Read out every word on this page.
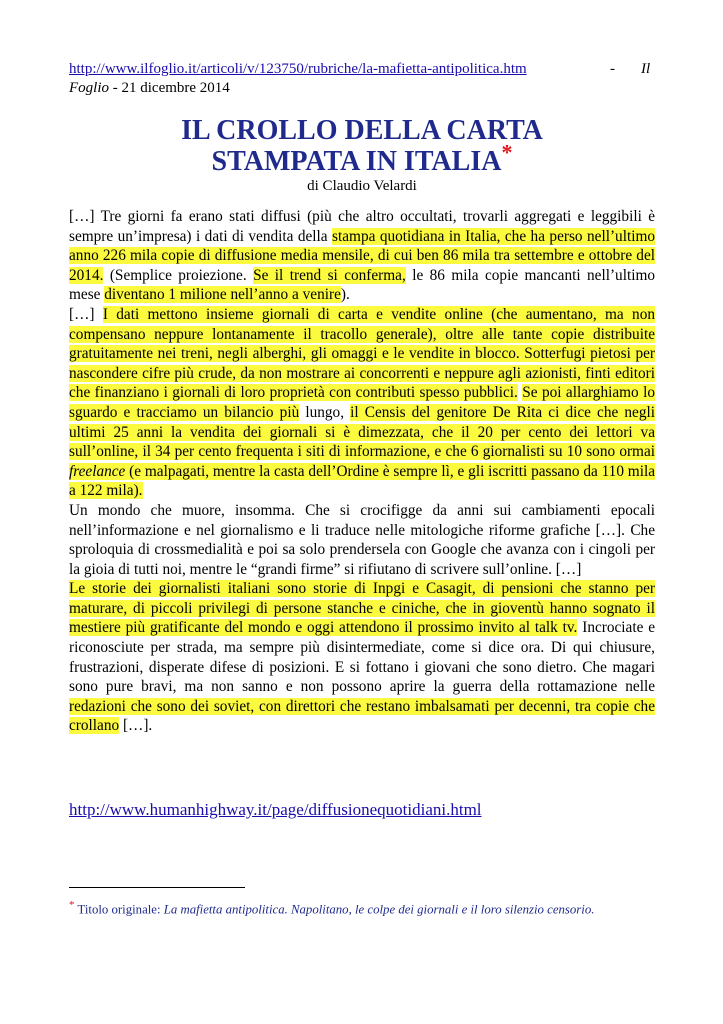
http://www.ilfoglio.it/articoli/v/123750/rubriche/la-mafietta-antipolitica.htm	- Il
Foglio - 21 dicembre 2014
IL CROLLO DELLA CARTA
STAMPATA IN ITALIA*
di Claudio Velardi

[…] Tre giorni fa erano stati diffusi (più che altro occultati, trovarli aggregati e leggibili è sempre un’impresa) i dati di vendita della stampa quotidiana in Italia, che ha perso nell’ultimo anno 226 mila copie di diffusione media mensile, di cui ben 86 mila tra settembre e ottobre del 2014. (Semplice proiezione. Se il trend si conferma, le 86 mila copie mancanti nell’ultimo mese diventano 1 milione nell’anno a venire).

[…] I dati mettono insieme giornali di carta e vendite online (che aumentano, ma non compensano neppure lontanamente il tracollo generale), oltre alle tante copie distribuite gratuitamente nei treni, negli alberghi, gli omaggi e le vendite in blocco. Sotterfugi pietosi per nascondere cifre più crude, da non mostrare ai concorrenti e neppure agli azionisti, finti editori che finanziano i giornali di loro proprietà con contributi spesso pubblici. Se poi allarghiamo lo sguardo e tracciamo un bilancio più lungo, il Censis del genitore De Rita ci dice che negli ultimi 25 anni la vendita dei giornali si è dimezzata, che il 20 per cento dei lettori va sull’online, il 34 per cento frequenta i siti di informazione, e che 6 giornalisti su 10 sono ormai freelance (e malpagati, mentre la casta dell’Ordine è sempre lì, e gli iscritti passano da 110 mila a 122 mila).

Un mondo che muore, insomma. Che si crocifigge da anni sui cambiamenti epocali nell’informazione e nel giornalismo e li traduce nelle mitologiche riforme grafiche […]. Che sproloquia di crossmedialità e poi sa solo prendersela con Google che avanza con i cingoli per la gioia di tutti noi, mentre le “grandi firme” si rifiutano di scrivere sull’online. […]

Le storie dei giornalisti italiani sono storie di Inpgi e Casagit, di pensioni che stanno per maturare, di piccoli privilegi di persone stanche e ciniche, che in gioventù hanno sognato il mestiere più gratificante del mondo e oggi attendono il prossimo invito al talk tv. Incrociate e riconosciute per strada, ma sempre più disintermediate, come si dice ora. Di qui chiusure, frustrazioni, disperate difese di posizioni. E si fottano i giovani che sono dietro. Che magari sono pure bravi, ma non sanno e non possono aprire la guerra della rottamazione nelle redazioni che sono dei soviet, con direttori che restano imbalsamati per decenni, tra copie che crollano […].

http://www.humanhighway.it/page/diffusionequotidiani.html
* Titolo originale: La mafietta antipolitica. Napolitano, le colpe dei giornali e il loro silenzio censorio.
